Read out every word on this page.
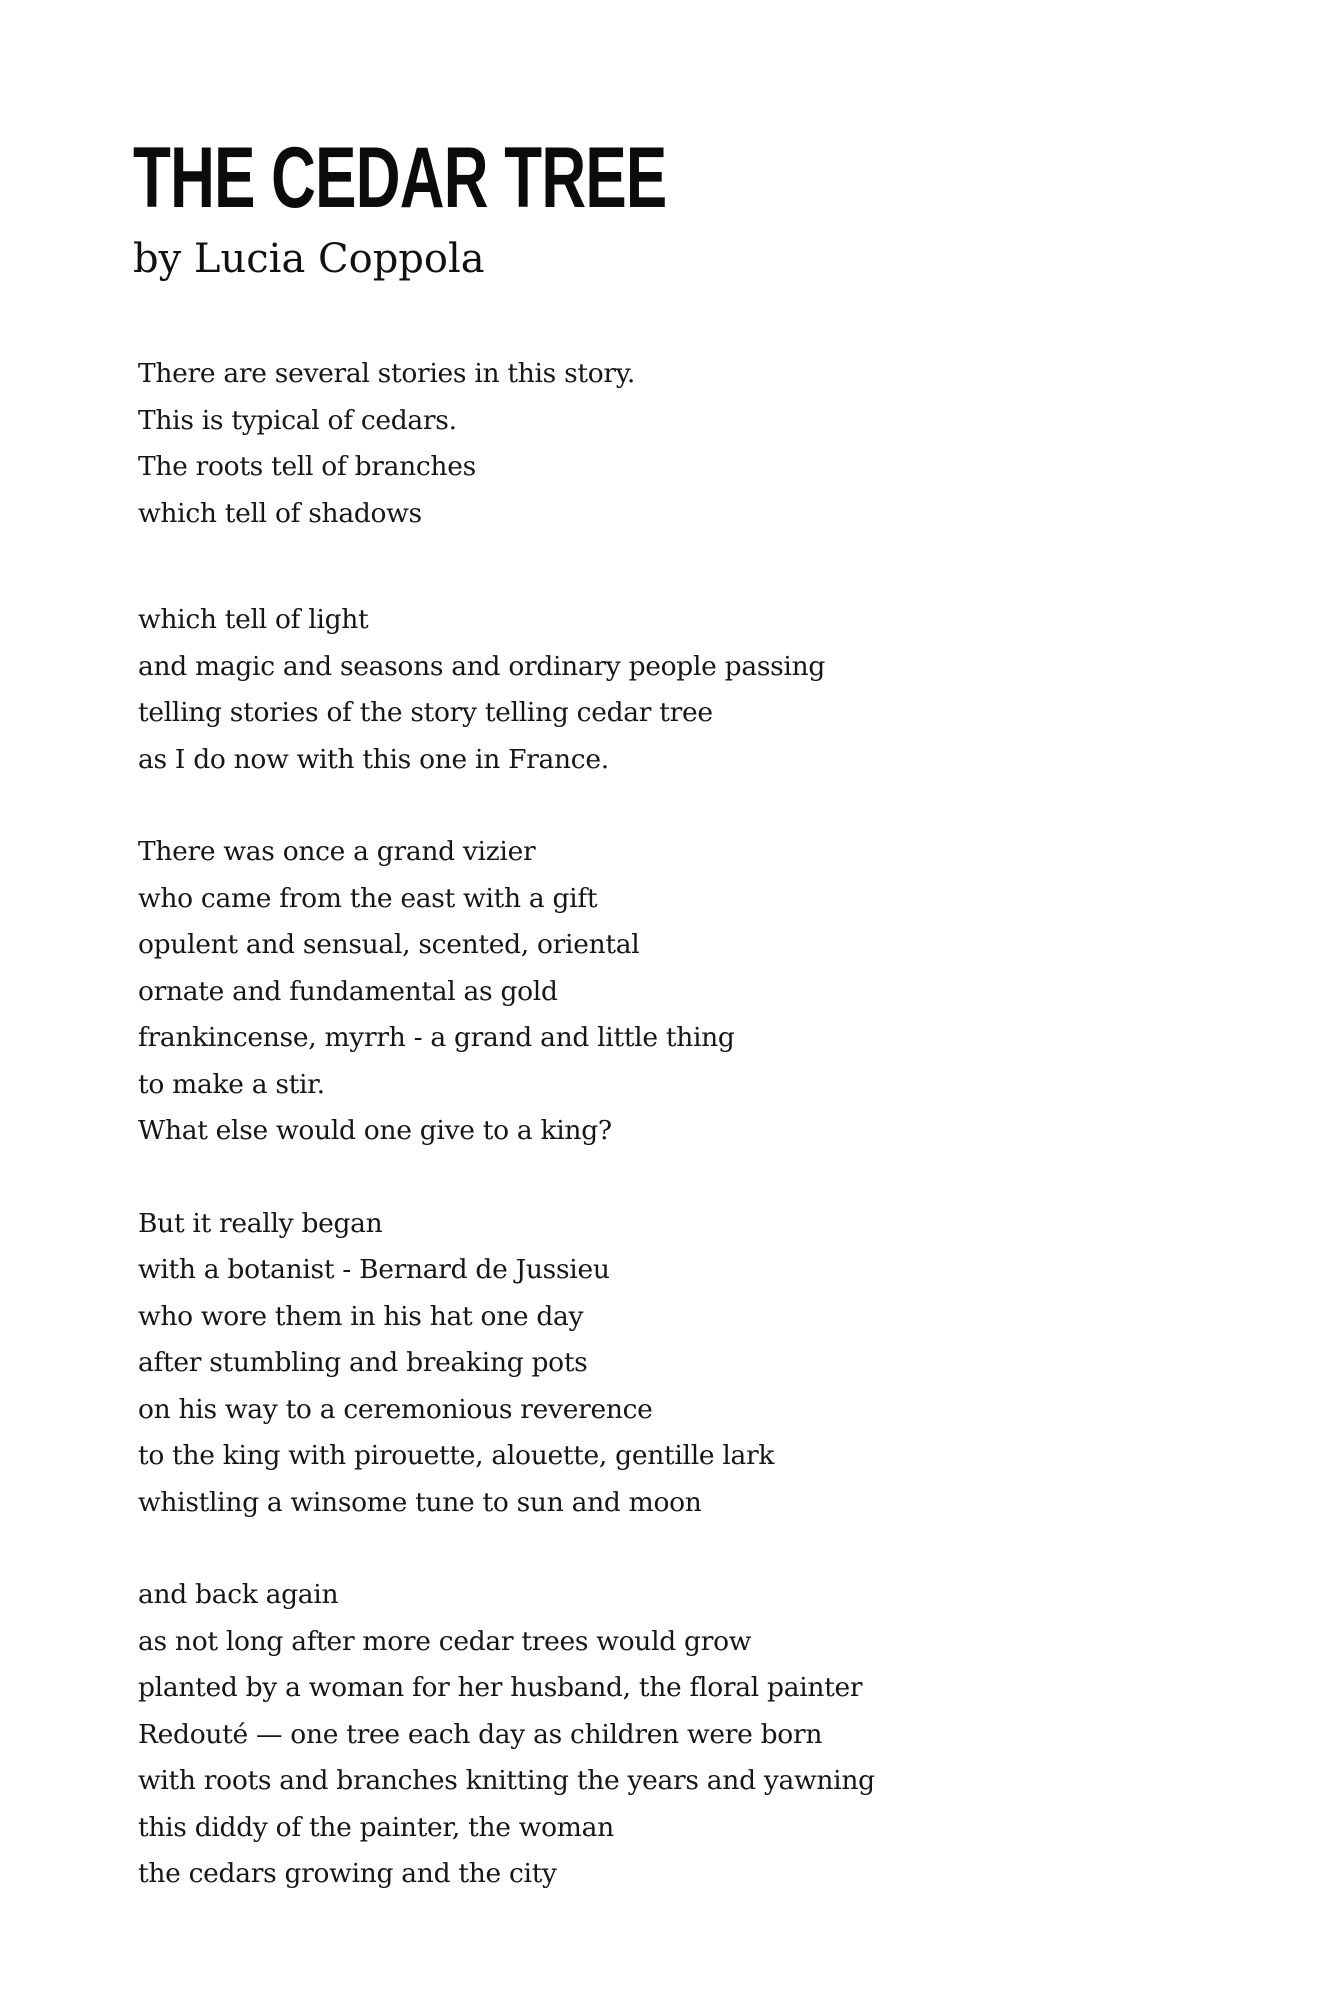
THE CEDAR TREE
by Lucia Coppola
There are several stories in this story.
This is typical of cedars.
The roots tell of branches
which tell of shadows
which tell of light
and magic and seasons and ordinary people passing
telling stories of the story telling cedar tree
as I do now with this one in France.
There was once a grand vizier
who came from the east with a gift
opulent and sensual, scented, oriental
ornate and fundamental as gold
frankincense, myrrh - a grand and little thing
to make a stir.
What else would one give to a king?
But it really began
with a botanist - Bernard de Jussieu
who wore them in his hat one day
after stumbling and breaking pots
on his way to a ceremonious reverence
to the king with pirouette, alouette, gentille lark
whistling a winsome tune to sun and moon
and back again
as not long after more cedar trees would grow
planted by a woman for her husband, the floral painter
Redouté — one tree each day as children were born
with roots and branches knitting the years and yawning
this diddy of the painter, the woman
the cedars growing and the city
